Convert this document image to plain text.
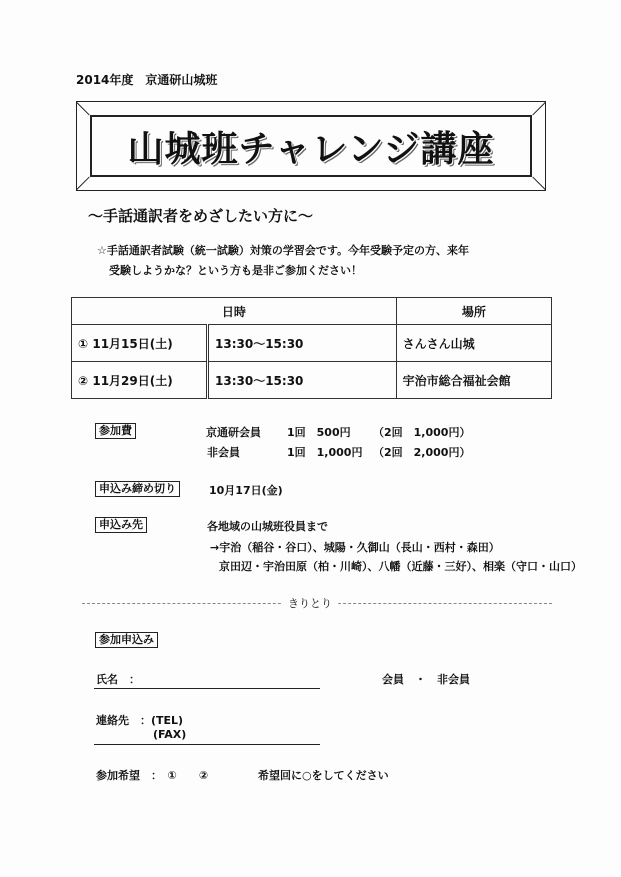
2014年度　京通研山城班
山城班チャレンジ講座
～手話通訳者をめざしたい方に～
☆手話通訳者試験（統一試験）対策の学習会です。今年受験予定の方、来年
受験しようかな？という方も是非ご参加ください！
日時		場所
① 11月15日(土)	13:30～15:30	さんさん山城
② 11月29日(土)	13:30～15:30	宇治市総合福祉会館
参加費	京通研会員 1回　500円 （2回　1,000円）
非会員	1回　1,000円 （2回　2,000円）
申込み締め切り	10月17日(金)
申込み先	各地域の山城班役員まで
→宇治（稲谷・谷口）、城陽・久御山（長山・西村・森田）
京田辺・宇治田原（柏・川崎）、八幡（近藤・三好）、相楽（守口・山口）
きりとり
参加申込み
氏名　：	会員　・　非会員
連絡先　：(TEL)
(FAX)
参加希望　：　①　　②	希望回に○をしてください
